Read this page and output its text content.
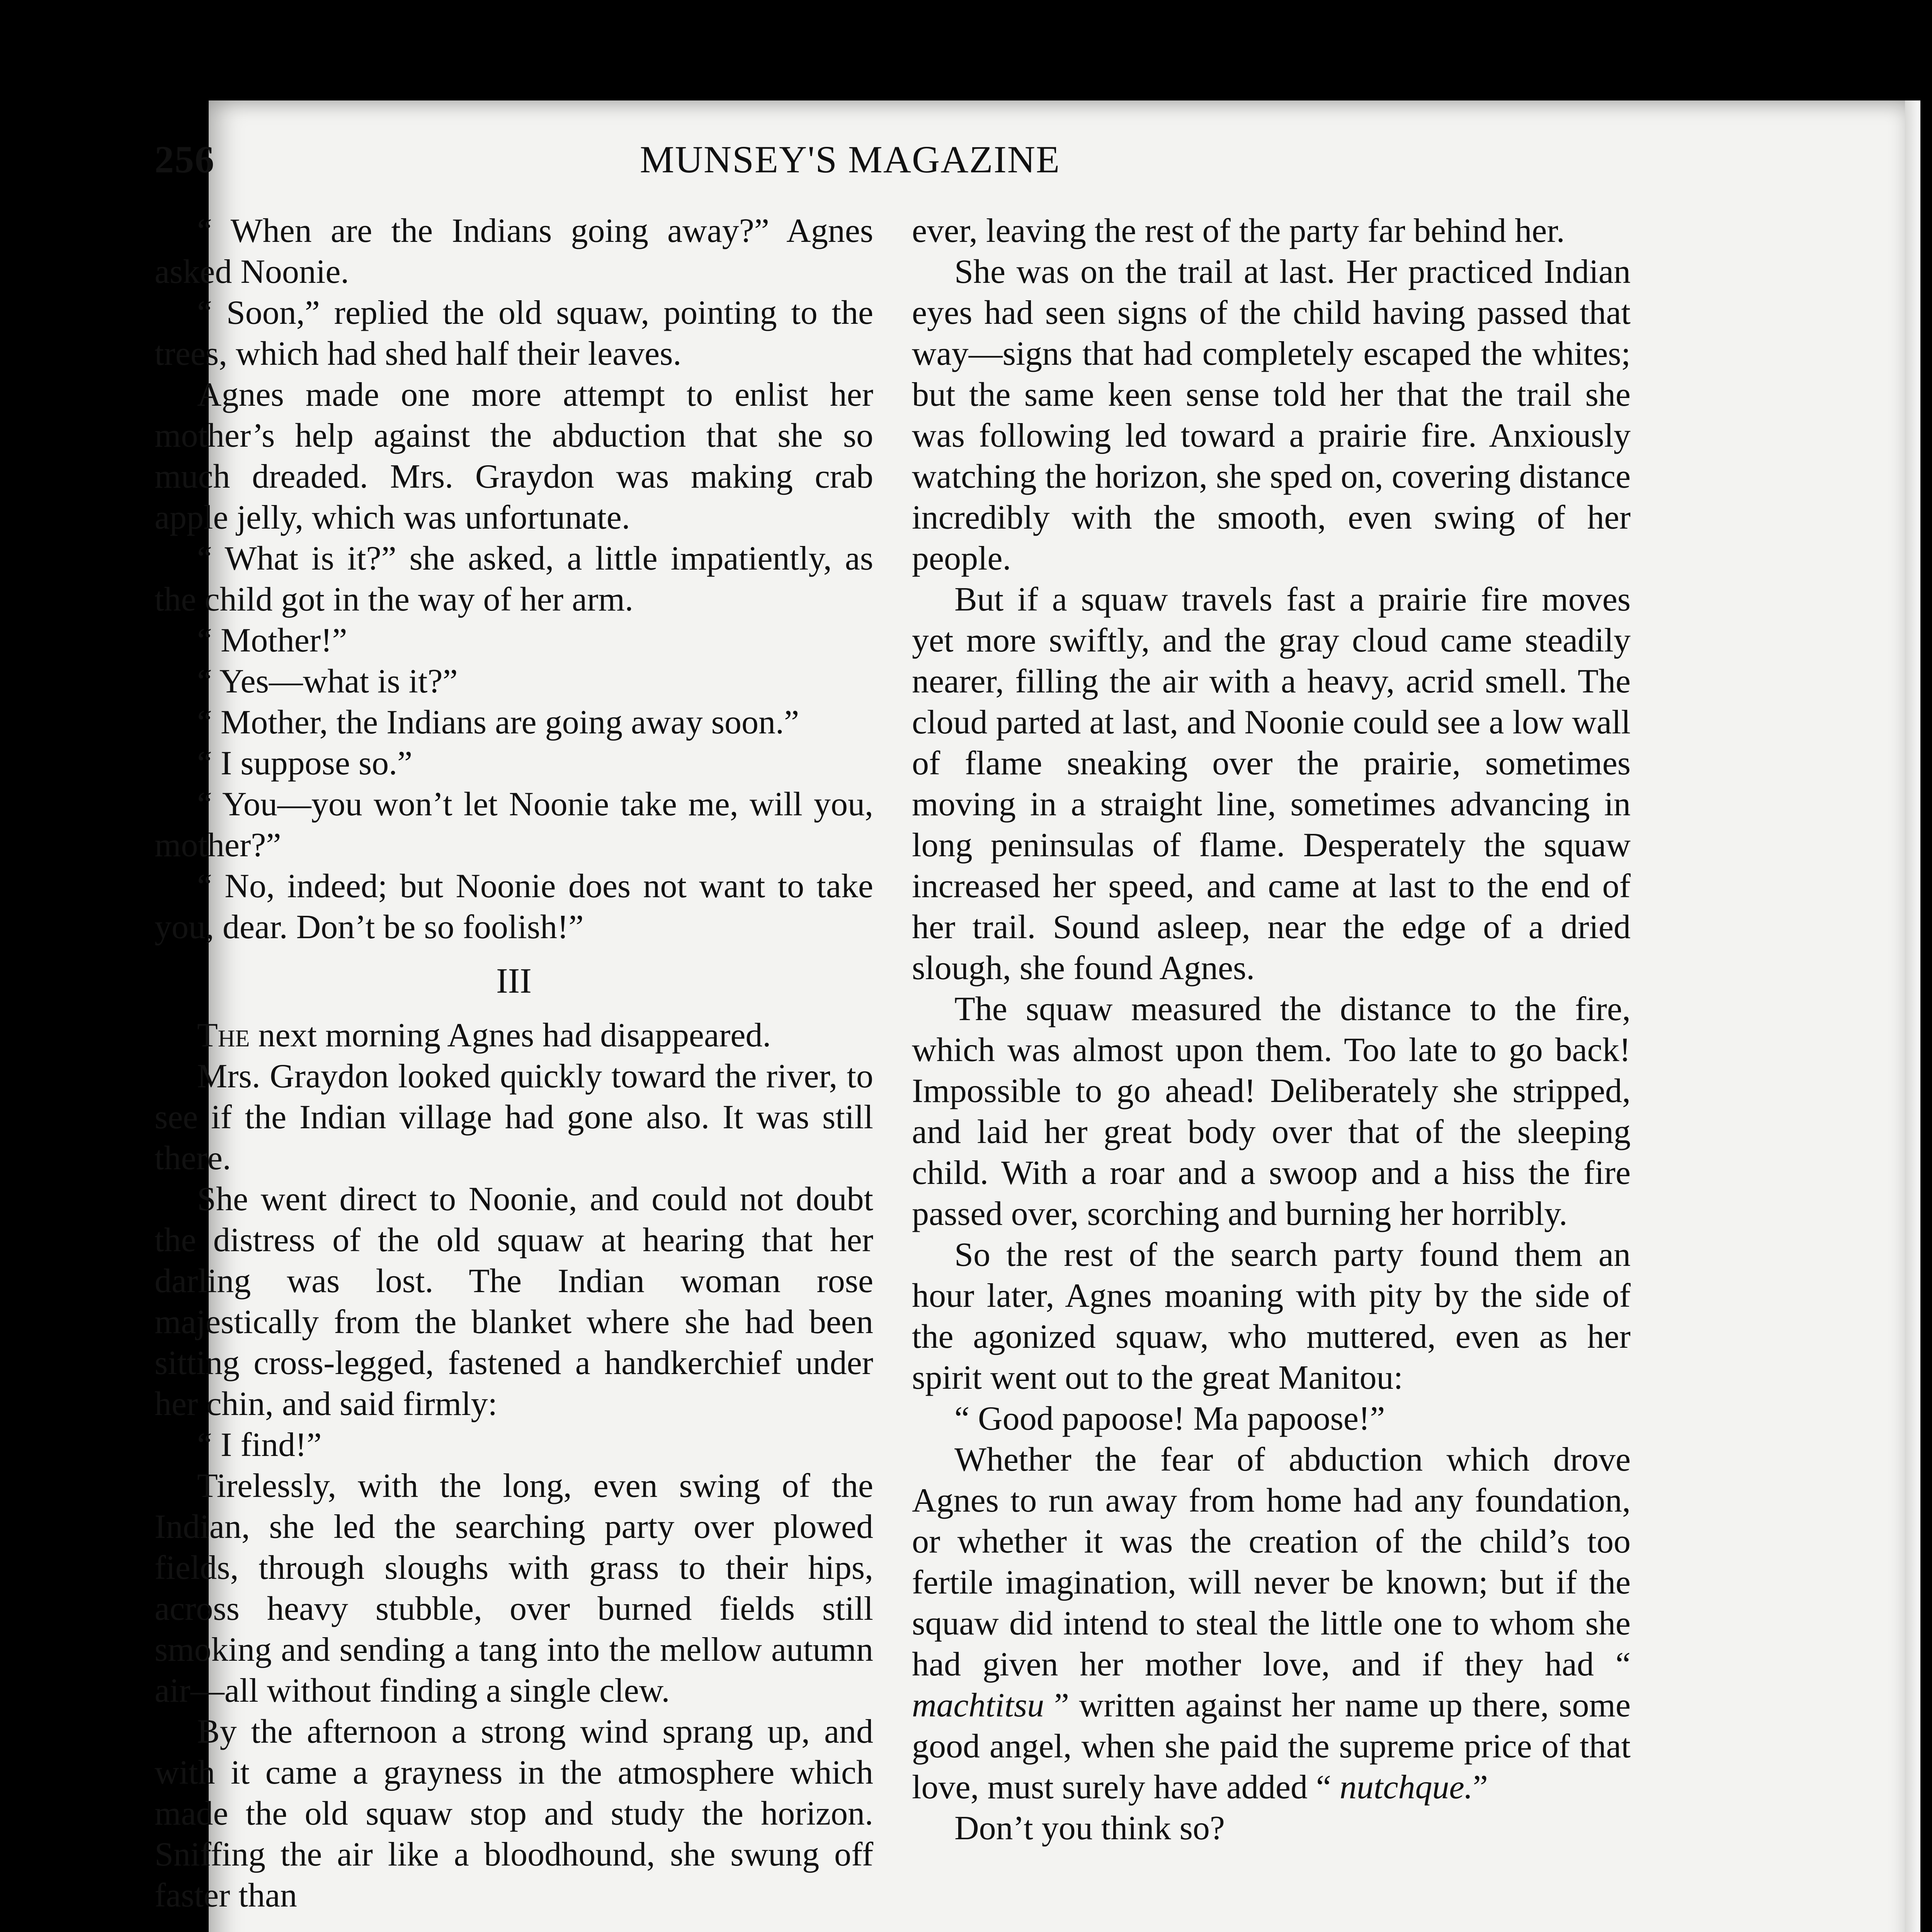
256	MUNSEY'S MAGAZINE

“ When are the Indians going away?” Agnes asked Noonie.

“ Soon,” replied the old squaw, pointing to the trees, which had shed half their leaves.

Agnes made one more attempt to enlist her mother’s help against the abduction that she so much dreaded. Mrs. Graydon was making crab apple jelly, which was unfortunate.

“ What is it?” she asked, a little impatiently, as the child got in the way of her arm.

“ Mother!”

“ Yes—what is it?”

“ Mother, the Indians are going away soon.”

“ I suppose so.”

“ You—you won’t let Noonie take me, will you, mother?”

“ No, indeed; but Noonie does not want to take you, dear. Don’t be so foolish!”

III

The next morning Agnes had disappeared.

Mrs. Graydon looked quickly toward the river, to see if the Indian village had gone also. It was still there.

She went direct to Noonie, and could not doubt the distress of the old squaw at hearing that her darling was lost. The Indian woman rose majestically from the blanket where she had been sitting cross-legged, fastened a handkerchief under her chin, and said firmly:

“ I find!”

Tirelessly, with the long, even swing of the Indian, she led the searching party over plowed fields, through sloughs with grass to their hips, across heavy stubble, over burned fields still smoking and sending a tang into the mellow autumn air—all without finding a single clew.

By the afternoon a strong wind sprang up, and with it came a grayness in the atmosphere which made the old squaw stop and study the horizon. Sniffing the air like a bloodhound, she swung off faster than

ever, leaving the rest of the party far behind her.

She was on the trail at last. Her practiced Indian eyes had seen signs of the child having passed that way—signs that had completely escaped the whites; but the same keen sense told her that the trail she was following led toward a prairie fire. Anxiously watching the horizon, she sped on, covering distance incredibly with the smooth, even swing of her people.

But if a squaw travels fast a prairie fire moves yet more swiftly, and the gray cloud came steadily nearer, filling the air with a heavy, acrid smell. The cloud parted at last, and Noonie could see a low wall of flame sneaking over the prairie, sometimes moving in a straight line, sometimes advancing in long peninsulas of flame. Desperately the squaw increased her speed, and came at last to the end of her trail. Sound asleep, near the edge of a dried slough, she found Agnes.

The squaw measured the distance to the fire, which was almost upon them. Too late to go back! Impossible to go ahead! Deliberately she stripped, and laid her great body over that of the sleeping child. With a roar and a swoop and a hiss the fire passed over, scorching and burning her horribly.

So the rest of the search party found them an hour later, Agnes moaning with pity by the side of the agonized squaw, who muttered, even as her spirit went out to the great Manitou:

“ Good papoose! Ma papoose!”

Whether the fear of abduction which drove Agnes to run away from home had any foundation, or whether it was the creation of the child’s too fertile imagination, will never be known; but if the squaw did intend to steal the little one to whom she had given her mother love, and if they had “ machtitsu ” written against her name up there, some good angel, when she paid the supreme price of that love, must surely have added “ nutchque.”

Don’t you think so?
